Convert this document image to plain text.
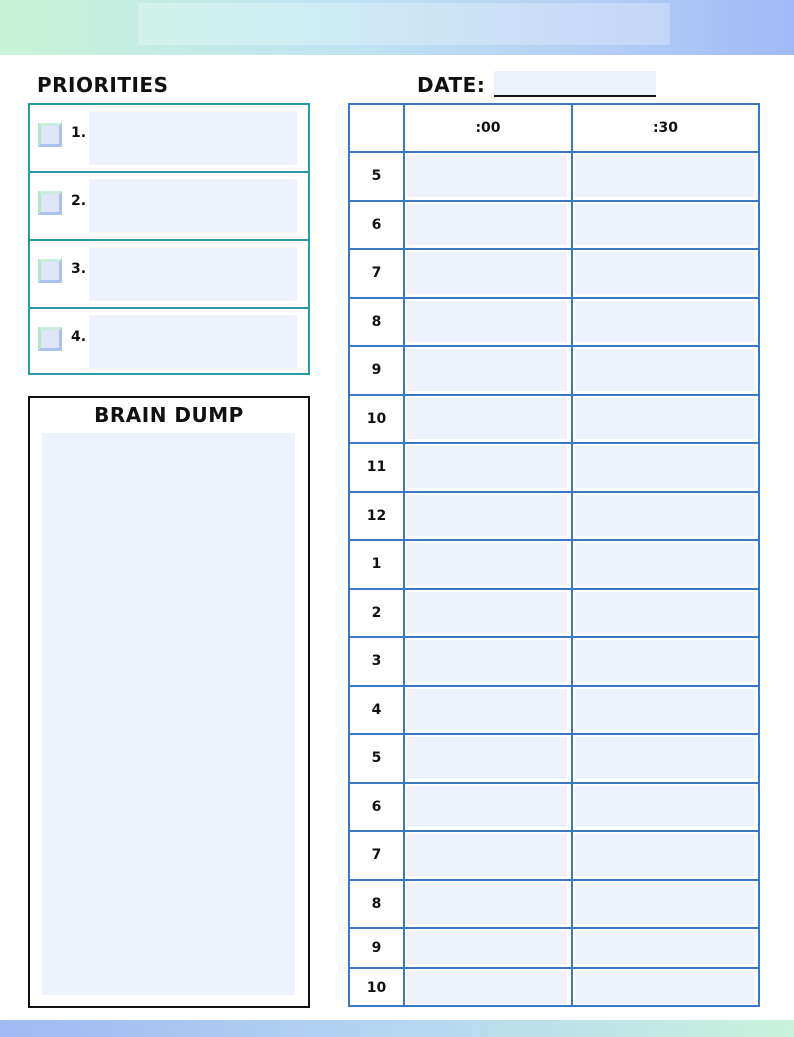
PRIORITIES	DATE:
1.
2.
3.
4.
BRAIN DUMP
:00	:30
5
6
7
8
9
10
11
12
1
2
3
4
5
6
7
8
9
10
